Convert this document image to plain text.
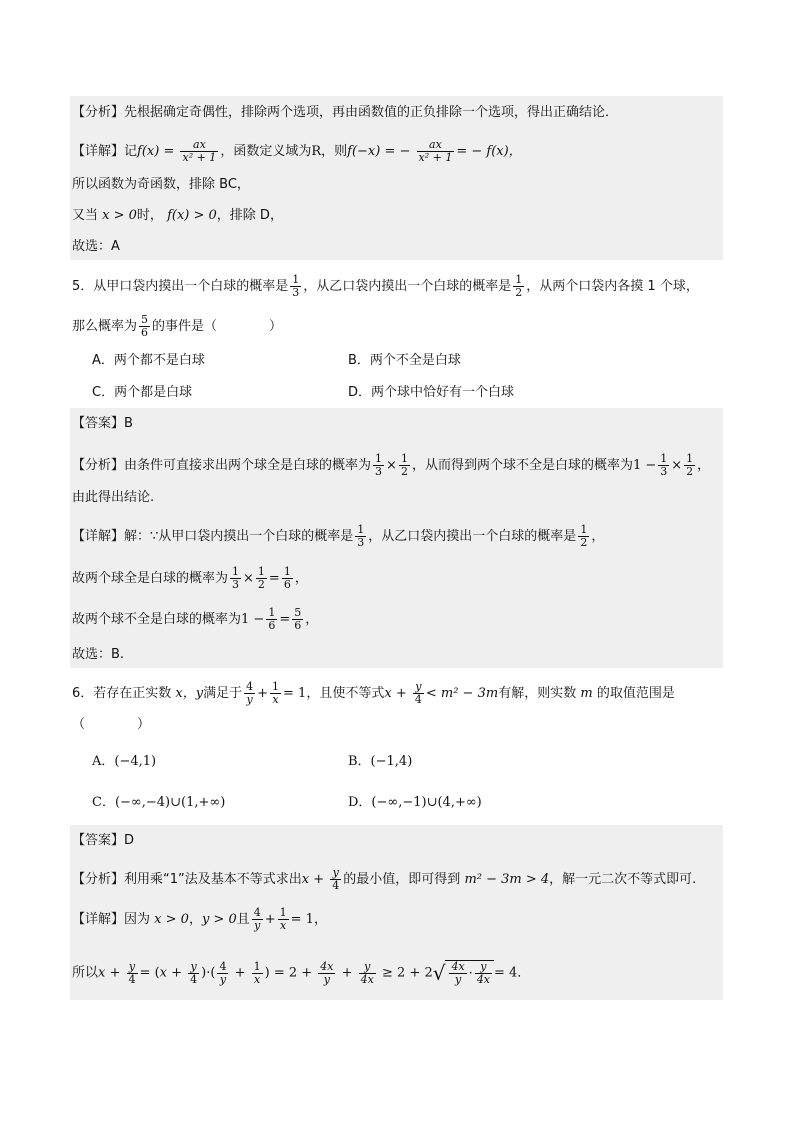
【分析】先根据确定奇偶性，排除两个选项，再由函数值的正负排除一个选项，得出正确结论．
【详解】记$f(x) = \frac{ax}{\text{x² + 1}}$ ，函数定义域为R，则f(−x) = − $\frac{ax}{\text{x² + 1}}$ = − f(x)，
所以函数为奇函数，排除 BC，
又当 x > 0时， f(x) > 0，排除 D，
故选：A
5．从甲口袋内摸出一个白球的概率是 $\frac{1}{3}$ ，从乙口袋内摸出一个白球的概率是 $\frac{1}{2}$ ，从两个口袋内各摸 1 个球，
那么概率为 $\frac{5}{6}$ 的事件是（　　　　）
A．两个都不是白球	B．两个不全是白球
C．两个都是白球	D．两个球中恰好有一个白球
【答案】B
【分析】由条件可直接求出两个球全是白球的概率为 $\frac{1}{3} \times \frac{1}{2}$ ，从而得到两个球不全是白球的概率为$1 - \frac{1}{3} \times \frac{1}{2}$ ，
由此得出结论.
【详解】解：∵从甲口袋内摸出一个白球的概率是 $\frac{1}{3}$ ，从乙口袋内摸出一个白球的概率是 $\frac{1}{2}$ ，
故两个球全是白球的概率为 $\frac{1}{3} \times \frac{1}{2} = \frac{1}{6}$ ，
故两个球不全是白球的概率为$1 - \frac{1}{6} = \frac{5}{6}$ ，
故选：B.
6．若存在正实数 x，y满足于 $\frac{4}{y} + \frac{1}{x} = 1$，且使不等式$x + \frac{y}{4} < m^2 - 3m$有解，则实数 m 的取值范围是
（　　　　）
A．(−4,1)	B．(−1,4)
C．(−∞,−4)∪(1,+∞)	D．(−∞,−1)∪(4,+∞)
【答案】D
【分析】利用乘“1”法及基本不等式求出$x + \frac{y}{4}$ 的最小值，即可得到 m² − 3m > 4，解一元二次不等式即可.
【详解】因为 x > 0，y > 0且 $\frac{4}{y} + \frac{1}{x} = 1$，
所以$x + \frac{y}{4} = (x + \frac{y}{4}$ )·( $\frac{4}{y} + \frac{1}{x}$ ) = $2 + \frac{4x}{y} + \frac{y}{4x} \ge 2 + 2√ \frac{4x}{y} \cdot \frac{y}{4x} = 4$．
